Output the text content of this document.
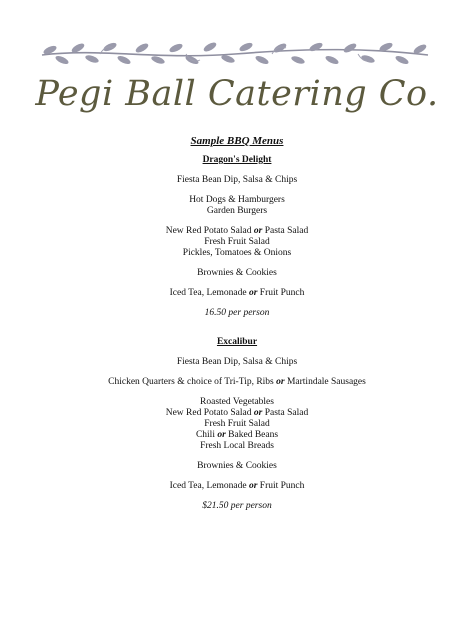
Pegi Ball Catering Co.
Sample BBQ Menus
Dragon's Delight
Fiesta Bean Dip, Salsa & Chips
Hot Dogs & Hamburgers
Garden Burgers
New Red Potato Salad or Pasta Salad
Fresh Fruit Salad
Pickles, Tomatoes & Onions
Brownies & Cookies
Iced Tea, Lemonade or Fruit Punch
16.50 per person
Excalibur
Fiesta Bean Dip, Salsa & Chips
Chicken Quarters & choice of Tri-Tip, Ribs or Martindale Sausages
Roasted Vegetables
New Red Potato Salad or Pasta Salad
Fresh Fruit Salad
Chili or Baked Beans
Fresh Local Breads
Brownies & Cookies
Iced Tea, Lemonade or Fruit Punch
$21.50 per person
